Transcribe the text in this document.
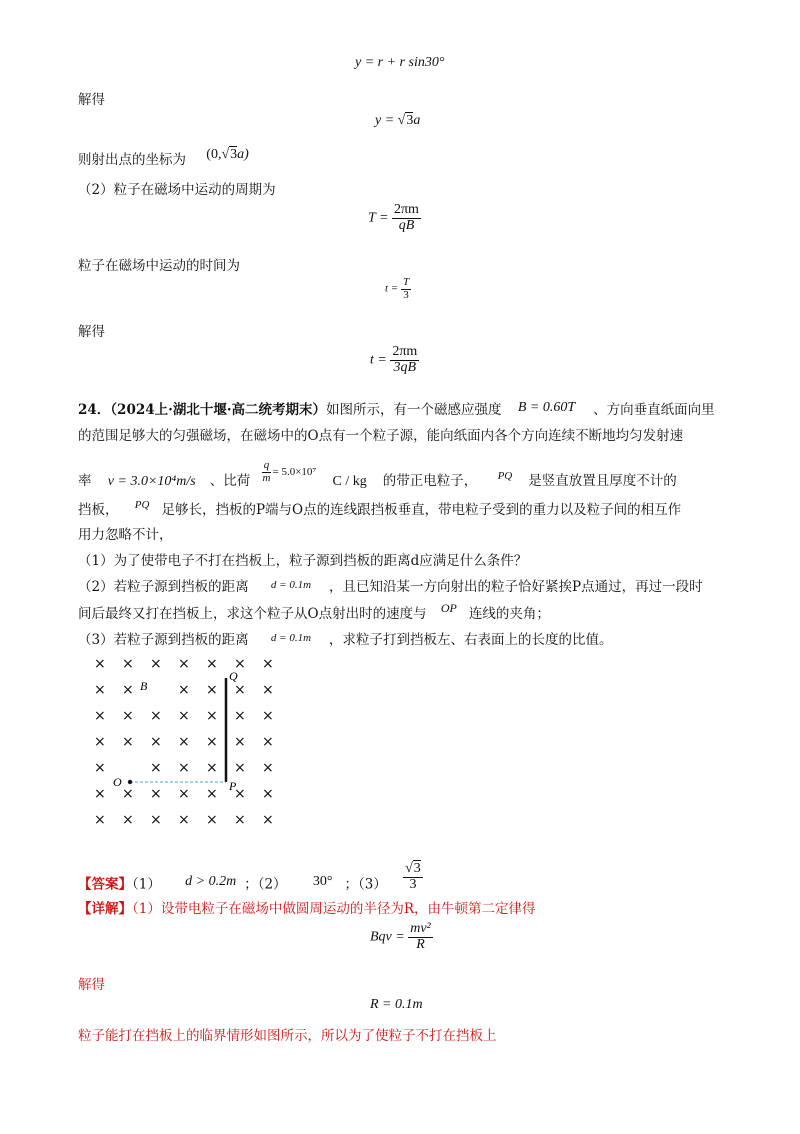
y = r + r sin30°
解得
y = √3a
则射出点的坐标为 (0,√3a)
（2）粒子在磁场中运动的周期为
$T = \frac{2\pi m}{qB}$
粒子在磁场中运动的时间为
$t = \frac{T}{3}$
解得
$t = \frac{2\pi m}{3qB}$
24．（2024上·湖北十堰·高二统考期末）如图所示，有一个磁感应强度 B = 0.60T 、方向垂直纸面向里
的范围足够大的匀强磁场，在磁场中的O点有一个粒子源，能向纸面内各个方向连续不断地均匀发射速
率 v = 3.0×10⁴m/s 、比荷 $^{\frac{q}{m} = 5.0\times 10^7}$ C / kg 的带正电粒子， $^{PQ}$ 是竖直放置且厚度不计的
挡板， $^{PQ}$ 足够长，挡板的P端与O点的连线跟挡板垂直，带电粒子受到的重力以及粒子间的相互作
用力忽略不计，
（1）为了使带电子不打在挡板上，粒子源到挡板的距离d应满足什么条件？
（2）若粒子源到挡板的距离 $^{d = 0.1m}$ ，且已知沿某一方向射出的粒子恰好紧挨P点通过，再过一段时
间后最终又打在挡板上，求这个粒子从O点射出时的速度与 OP 连线的夹角；
（3）若粒子源到挡板的距离 $^{d = 0.1m}$ ，求粒子打到挡板左、右表面上的长度的比值。
× × × × × × ×
× ×	× × × ×
× × × × × × ×
× × × × × × ×
×	× × × × ×
× × × × × × ×
× × × × × × ×
B
Q
O	P
【答案】（1） d > 0.2m ；（2） 30° ；$(3) \frac{√3}{3}$
【详解】（1）设带电粒子在磁场中做圆周运动的半径为R，由牛顿第二定律得
Bqv = $\frac{\text{mv²}}{R}$
解得
R = 0.1m
粒子能打在挡板上的临界情形如图所示，所以为了使粒子不打在挡板上
